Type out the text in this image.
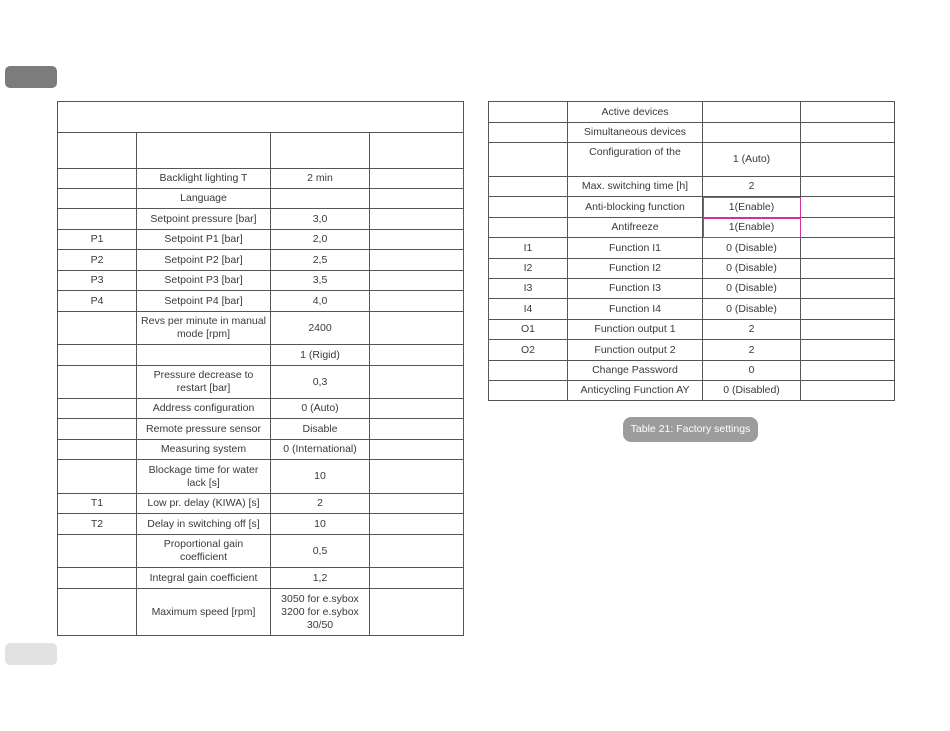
	Backlight lighting T	2 min	
	Language		
	Setpoint pressure [bar]	3,0	
P1	Setpoint P1 [bar]	2,0	
P2	Setpoint P2 [bar]	2,5	
P3	Setpoint P3 [bar]	3,5	
P4	Setpoint P4 [bar]	4,0	
	Revs per minute in manual mode [rpm]	2400	
		1 (Rigid)	
	Pressure decrease to restart [bar]	0,3	
	Address configuration	0 (Auto)	
	Remote pressure sensor	Disable	
	Measuring system	0 (International)	
	Blockage time for water lack [s]	10	
T1	Low pr. delay (KIWA) [s]	2	
T2	Delay in switching off [s]	10	
	Proportional gain coefficient	0,5	
	Integral gain coefficient	1,2	
	Maximum speed [rpm]	3050 for e.sybox
3200 for e.sybox
30/50	
	Active devices		
	Simultaneous devices		
	Configuration of the	1 (Auto)	
	Max. switching time [h]	2	
	Anti-blocking function	1(Enable)	
	Antifreeze	1(Enable)	
I1	Function I1	0 (Disable)	
I2	Function I2	0 (Disable)	
I3	Function I3	0 (Disable)	
I4	Function I4	0 (Disable)	
O1	Function output 1	2	
O2	Function output 2	2	
	Change Password	0	
	Anticycling Function AY	0 (Disabled)	
Table 21: Factory settings
